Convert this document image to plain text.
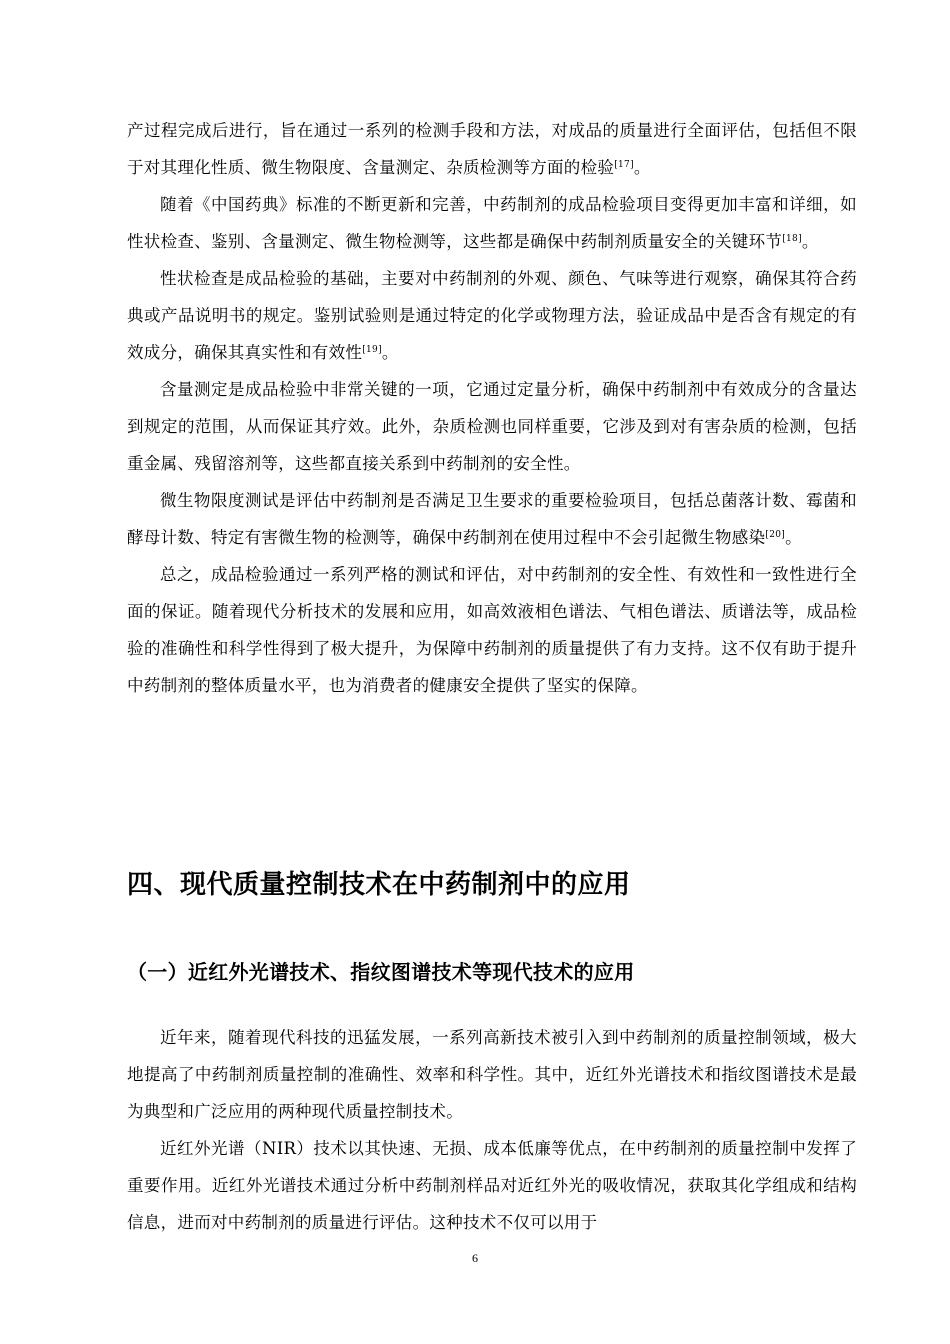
产过程完成后进行，旨在通过一系列的检测手段和方法，对成品的质量进行全面评估，包括但不限于对其理化性质、微生物限度、含量测定、杂质检测等方面的检验[17]。

随着《中国药典》标准的不断更新和完善，中药制剂的成品检验项目变得更加丰富和详细，如性状检查、鉴别、含量测定、微生物检测等，这些都是确保中药制剂质量安全的关键环节[18]。

性状检查是成品检验的基础，主要对中药制剂的外观、颜色、气味等进行观察，确保其符合药典或产品说明书的规定。鉴别试验则是通过特定的化学或物理方法，验证成品中是否含有规定的有效成分，确保其真实性和有效性[19]。

含量测定是成品检验中非常关键的一项，它通过定量分析，确保中药制剂中有效成分的含量达到规定的范围，从而保证其疗效。此外，杂质检测也同样重要，它涉及到对有害杂质的检测，包括重金属、残留溶剂等，这些都直接关系到中药制剂的安全性。

微生物限度测试是评估中药制剂是否满足卫生要求的重要检验项目，包括总菌落计数、霉菌和酵母计数、特定有害微生物的检测等，确保中药制剂在使用过程中不会引起微生物感染[20]。

总之，成品检验通过一系列严格的测试和评估，对中药制剂的安全性、有效性和一致性进行全面的保证。随着现代分析技术的发展和应用，如高效液相色谱法、气相色谱法、质谱法等，成品检验的准确性和科学性得到了极大提升，为保障中药制剂的质量提供了有力支持。这不仅有助于提升中药制剂的整体质量水平，也为消费者的健康安全提供了坚实的保障。

四、现代质量控制技术在中药制剂中的应用
（一）近红外光谱技术、指纹图谱技术等现代技术的应用

近年来，随着现代科技的迅猛发展，一系列高新技术被引入到中药制剂的质量控制领域，极大地提高了中药制剂质量控制的准确性、效率和科学性。其中，近红外光谱技术和指纹图谱技术是最为典型和广泛应用的两种现代质量控制技术。

近红外光谱（NIR）技术以其快速、无损、成本低廉等优点，在中药制剂的质量控制中发挥了重要作用。近红外光谱技术通过分析中药制剂样品对近红外光的吸收情况，获取其化学组成和结构信息，进而对中药制剂的质量进行评估。这种技术不仅可以用于

6
